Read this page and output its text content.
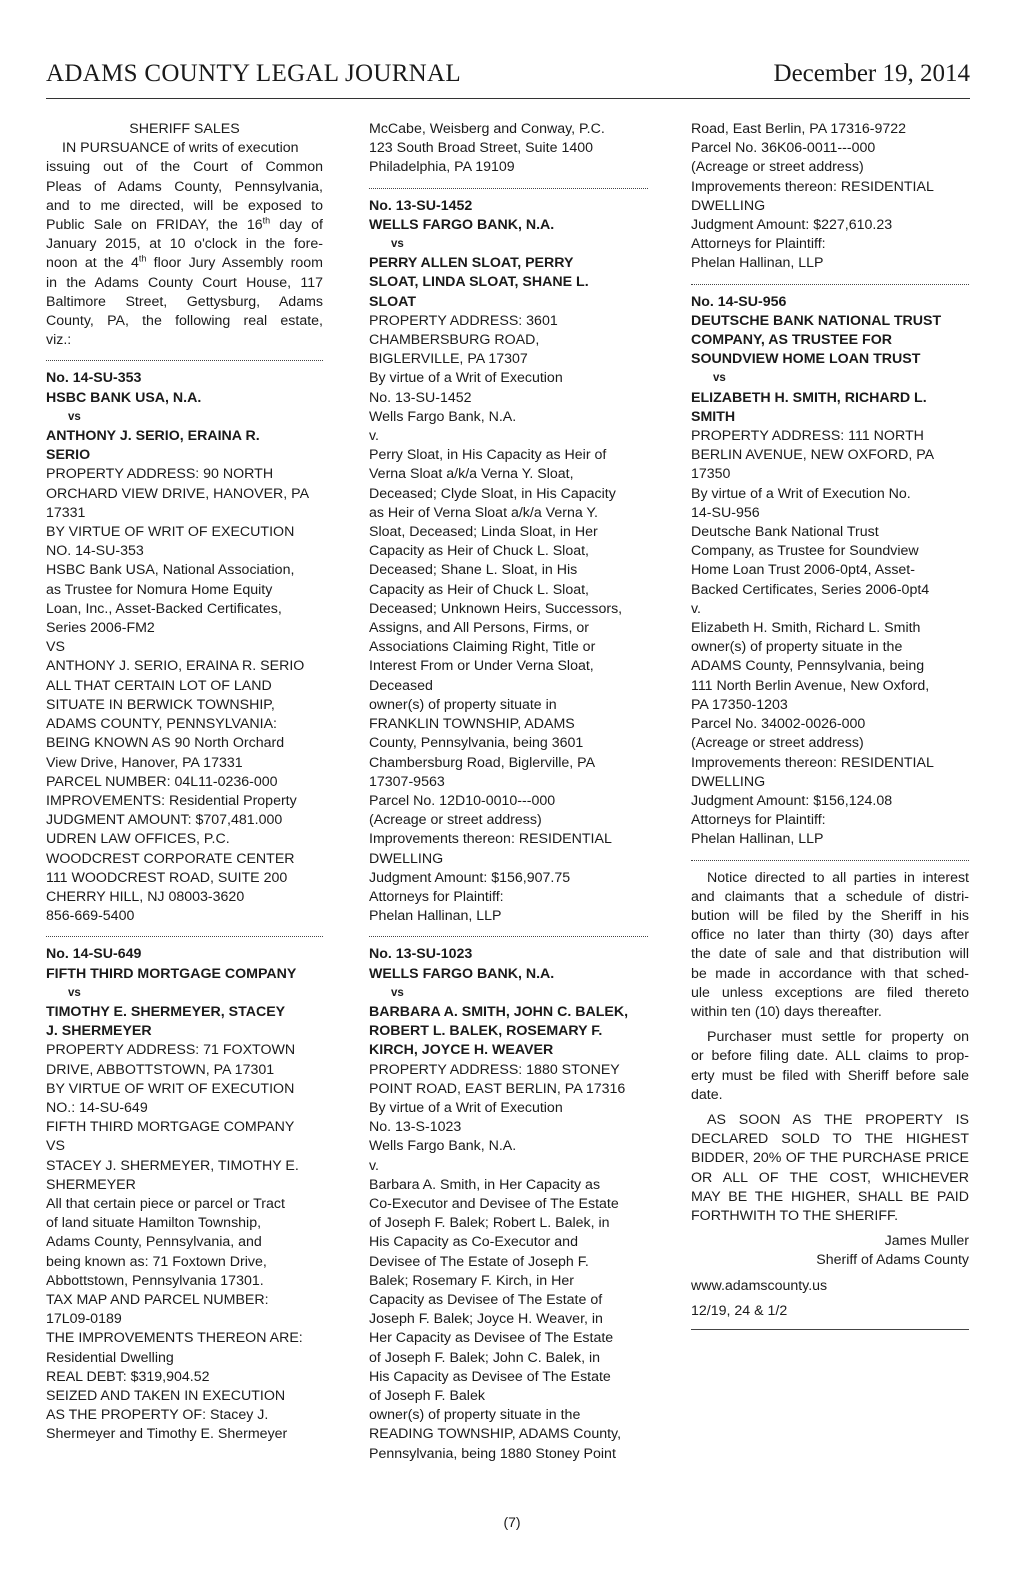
ADAMS COUNTY LEGAL JOURNAL	December 19, 2014
SHERIFF SALES
IN PURSUANCE of writs of execution
issuing out of the Court of Common
Pleas of Adams County, Pennsylvania,
and to me directed, will be exposed to
Public Sale on FRIDAY, the 16th day of
January 2015, at 10 o'clock in the fore-
noon at the 4th floor Jury Assembly room
in the Adams County Court House, 117
Baltimore Street, Gettysburg, Adams
County, PA, the following real estate,
viz.:
No. 14-SU-353
HSBC BANK USA, N.A.
vs
ANTHONY J. SERIO, ERAINA R.
SERIO
PROPERTY ADDRESS: 90 NORTH
ORCHARD VIEW DRIVE, HANOVER, PA
17331
BY VIRTUE OF WRIT OF EXECUTION
NO. 14-SU-353
HSBC Bank USA, National Association,
as Trustee for Nomura Home Equity
Loan, Inc., Asset-Backed Certificates,
Series 2006-FM2
VS
ANTHONY J. SERIO, ERAINA R. SERIO
ALL THAT CERTAIN LOT OF LAND
SITUATE IN BERWICK TOWNSHIP,
ADAMS COUNTY, PENNSYLVANIA:
BEING KNOWN AS 90 North Orchard
View Drive, Hanover, PA 17331
PARCEL NUMBER: 04L11-0236-000
IMPROVEMENTS: Residential Property
JUDGMENT AMOUNT: $707,481.000
UDREN LAW OFFICES, P.C.
WOODCREST CORPORATE CENTER
111 WOODCREST ROAD, SUITE 200
CHERRY HILL, NJ 08003-3620
856-669-5400
No. 14-SU-649
FIFTH THIRD MORTGAGE COMPANY
vs
TIMOTHY E. SHERMEYER, STACEY
J. SHERMEYER
PROPERTY ADDRESS: 71 FOXTOWN
DRIVE, ABBOTTSTOWN, PA 17301
BY VIRTUE OF WRIT OF EXECUTION
NO.: 14-SU-649
FIFTH THIRD MORTGAGE COMPANY
VS
STACEY J. SHERMEYER, TIMOTHY E.
SHERMEYER
All that certain piece or parcel or Tract
of land situate Hamilton Township,
Adams County, Pennsylvania, and
being known as: 71 Foxtown Drive,
Abbottstown, Pennsylvania 17301.
TAX MAP AND PARCEL NUMBER:
17L09-0189
THE IMPROVEMENTS THEREON ARE:
Residential Dwelling
REAL DEBT: $319,904.52
SEIZED AND TAKEN IN EXECUTION
AS THE PROPERTY OF: Stacey J.
Shermeyer and Timothy E. Shermeyer
McCabe, Weisberg and Conway, P.C.
123 South Broad Street, Suite 1400
Philadelphia, PA 19109
No. 13-SU-1452
WELLS FARGO BANK, N.A.
vs
PERRY ALLEN SLOAT, PERRY
SLOAT, LINDA SLOAT, SHANE L.
SLOAT
PROPERTY ADDRESS: 3601
CHAMBERSBURG ROAD,
BIGLERVILLE, PA 17307
By virtue of a Writ of Execution
No. 13-SU-1452
Wells Fargo Bank, N.A.
v.
Perry Sloat, in His Capacity as Heir of
Verna Sloat a/k/a Verna Y. Sloat,
Deceased; Clyde Sloat, in His Capacity
as Heir of Verna Sloat a/k/a Verna Y.
Sloat, Deceased; Linda Sloat, in Her
Capacity as Heir of Chuck L. Sloat,
Deceased; Shane L. Sloat, in His
Capacity as Heir of Chuck L. Sloat,
Deceased; Unknown Heirs, Successors,
Assigns, and All Persons, Firms, or
Associations Claiming Right, Title or
Interest From or Under Verna Sloat,
Deceased
owner(s) of property situate in
FRANKLIN TOWNSHIP, ADAMS
County, Pennsylvania, being 3601
Chambersburg Road, Biglerville, PA
17307-9563
Parcel No. 12D10-0010---000
(Acreage or street address)
Improvements thereon: RESIDENTIAL
DWELLING
Judgment Amount: $156,907.75
Attorneys for Plaintiff:
Phelan Hallinan, LLP
No. 13-SU-1023
WELLS FARGO BANK, N.A.
vs
BARBARA A. SMITH, JOHN C. BALEK,
ROBERT L. BALEK, ROSEMARY F.
KIRCH, JOYCE H. WEAVER
PROPERTY ADDRESS: 1880 STONEY
POINT ROAD, EAST BERLIN, PA 17316
By virtue of a Writ of Execution
No. 13-S-1023
Wells Fargo Bank, N.A.
v.
Barbara A. Smith, in Her Capacity as
Co-Executor and Devisee of The Estate
of Joseph F. Balek; Robert L. Balek, in
His Capacity as Co-Executor and
Devisee of The Estate of Joseph F.
Balek; Rosemary F. Kirch, in Her
Capacity as Devisee of The Estate of
Joseph F. Balek; Joyce H. Weaver, in
Her Capacity as Devisee of The Estate
of Joseph F. Balek; John C. Balek, in
His Capacity as Devisee of The Estate
of Joseph F. Balek
owner(s) of property situate in the
READING TOWNSHIP, ADAMS County,
Pennsylvania, being 1880 Stoney Point
Road, East Berlin, PA 17316-9722
Parcel No. 36K06-0011---000
(Acreage or street address)
Improvements thereon: RESIDENTIAL
DWELLING
Judgment Amount: $227,610.23
Attorneys for Plaintiff:
Phelan Hallinan, LLP
No. 14-SU-956
DEUTSCHE BANK NATIONAL TRUST
COMPANY, AS TRUSTEE FOR
SOUNDVIEW HOME LOAN TRUST
vs
ELIZABETH H. SMITH, RICHARD L.
SMITH
PROPERTY ADDRESS: 111 NORTH
BERLIN AVENUE, NEW OXFORD, PA
17350
By virtue of a Writ of Execution No.
14-SU-956
Deutsche Bank National Trust
Company, as Trustee for Soundview
Home Loan Trust 2006-0pt4, Asset-
Backed Certificates, Series 2006-0pt4
v.
Elizabeth H. Smith, Richard L. Smith
owner(s) of property situate in the
ADAMS County, Pennsylvania, being
111 North Berlin Avenue, New Oxford,
PA 17350-1203
Parcel No. 34002-0026-000
(Acreage or street address)
Improvements thereon: RESIDENTIAL
DWELLING
Judgment Amount: $156,124.08
Attorneys for Plaintiff:
Phelan Hallinan, LLP
Notice directed to all parties in interest
and claimants that a schedule of distri-
bution will be filed by the Sheriff in his
office no later than thirty (30) days after
the date of sale and that distribution will
be made in accordance with that sched-
ule unless exceptions are filed thereto
within ten (10) days thereafter.
Purchaser must settle for property on
or before filing date. ALL claims to prop-
erty must be filed with Sheriff before sale
date.
AS SOON AS THE PROPERTY IS
DECLARED SOLD TO THE HIGHEST
BIDDER, 20% OF THE PURCHASE PRICE
OR ALL OF THE COST, WHICHEVER
MAY BE THE HIGHER, SHALL BE PAID
FORTHWITH TO THE SHERIFF.
James Muller
Sheriff of Adams County
www.adamscounty.us
12/19, 24 & 1/2
(7)
